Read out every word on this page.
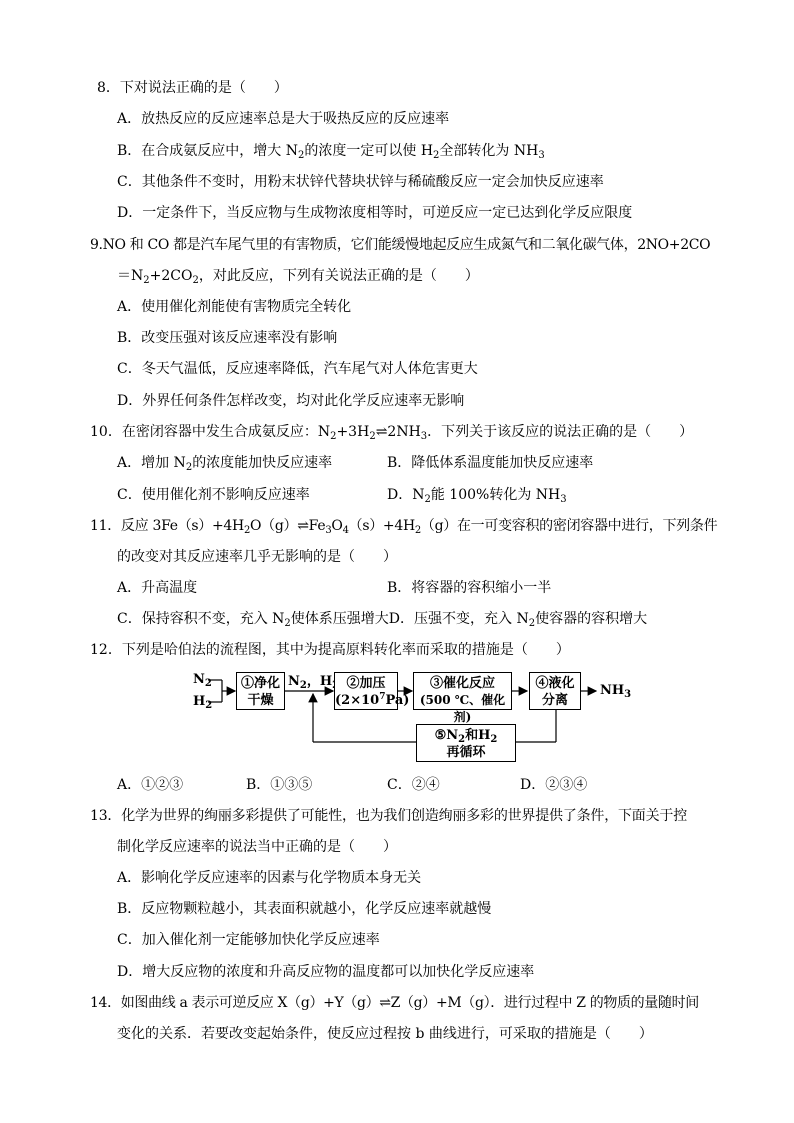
8．下对说法正确的是（　　）
A．放热反应的反应速率总是大于吸热反应的反应速率
B．在合成氨反应中，增大 $N_2$的浓度一定可以使 $H_2$全部转化为 $NH_3$
C．其他条件不变时，用粉末状锌代替块状锌与稀硫酸反应一定会加快反应速率
D．一定条件下，当反应物与生成物浓度相等时，可逆反应一定已达到化学反应限度
9.NO 和 CO 都是汽车尾气里的有害物质，它们能缓慢地起反应生成氮气和二氧化碳气体，2NO+2CO
$=N_2+2CO_2$，对此反应，下列有关说法正确的是（　　）
A．使用催化剂能使有害物质完全转化
B．改变压强对该反应速率没有影响
C．冬天气温低，反应速率降低，汽车尾气对人体危害更大
D．外界任何条件怎样改变，均对此化学反应速率无影响
10．在密闭容器中发生合成氨反应：$N_2+3H_2\rightleftharpoons 2NH_3$．下列关于该反应的说法正确的是（　　）
A．增加 $N_2$的浓度能加快反应速率	B．降低体系温度能加快反应速率
C．使用催化剂不影响反应速率	D．$N_2$能 100%转化为 $NH_3$
11．反应 $3Fe(s)+4H_2O(g)\rightleftharpoons Fe_3O_4(s)+4H_2(g)$在一可变容积的密闭容器中进行，下列条件
的改变对其反应速率几乎无影响的是（　　）
A．升高温度	B．将容器的容积缩小一半
C．保持容积不变，充入 $N_2$使体系压强增大D．压强不变，充入 $N_2$使容器的容积增大
12．下列是哈伯法的流程图，其中为提高原料转化率而采取的措施是（　　）
$N_2$
$H_2$
①净化
干燥
$N_2$，H	②加压
$(2\times 10^7Pa)$
③催化反应
(500 ℃、催化剂)
④液化
分离
$NH_3$
$⑤N_2$和$H_2$
再循环
A．①②③	B．①③⑤	C．②④	D．②③④
13．化学为世界的绚丽多彩提供了可能性，也为我们创造绚丽多彩的世界提供了条件，下面关于控
制化学反应速率的说法当中正确的是（　　）
A．影响化学反应速率的因素与化学物质本身无关
B．反应物颗粒越小，其表面积就越小，化学反应速率就越慢
C．加入催化剂一定能够加快化学反应速率
D．增大反应物的浓度和升高反应物的温度都可以加快化学反应速率
14．如图曲线 a 表示可逆反应 X（g）+Y（g）⇌Z（g）+M（g）．进行过程中 Z 的物质的量随时间
变化的关系．若要改变起始条件，使反应过程按 b 曲线进行，可采取的措施是（　　）
